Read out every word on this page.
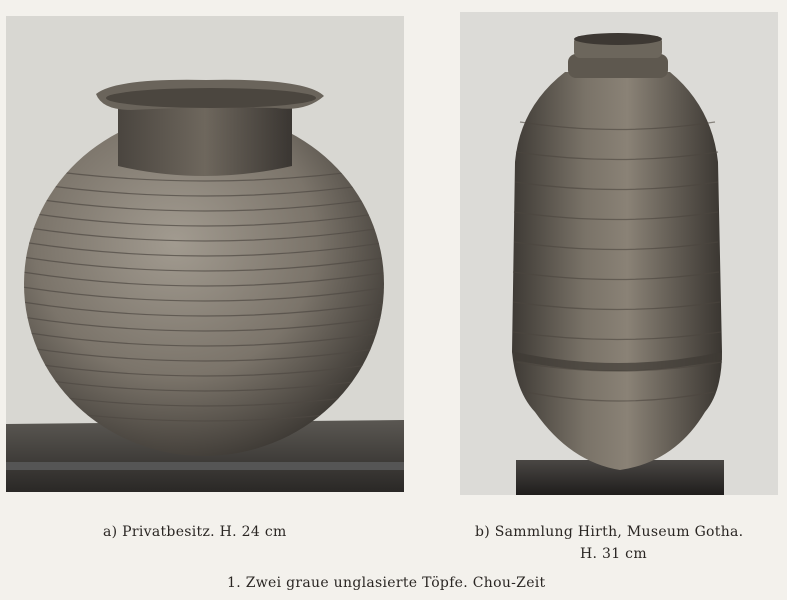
a) Privatbesitz. H. 24 cm	b) Sammlung Hirth, Museum Gotha.
H. 31 cm
1. Zwei graue unglasierte Töpfe. Chou-Zeit
